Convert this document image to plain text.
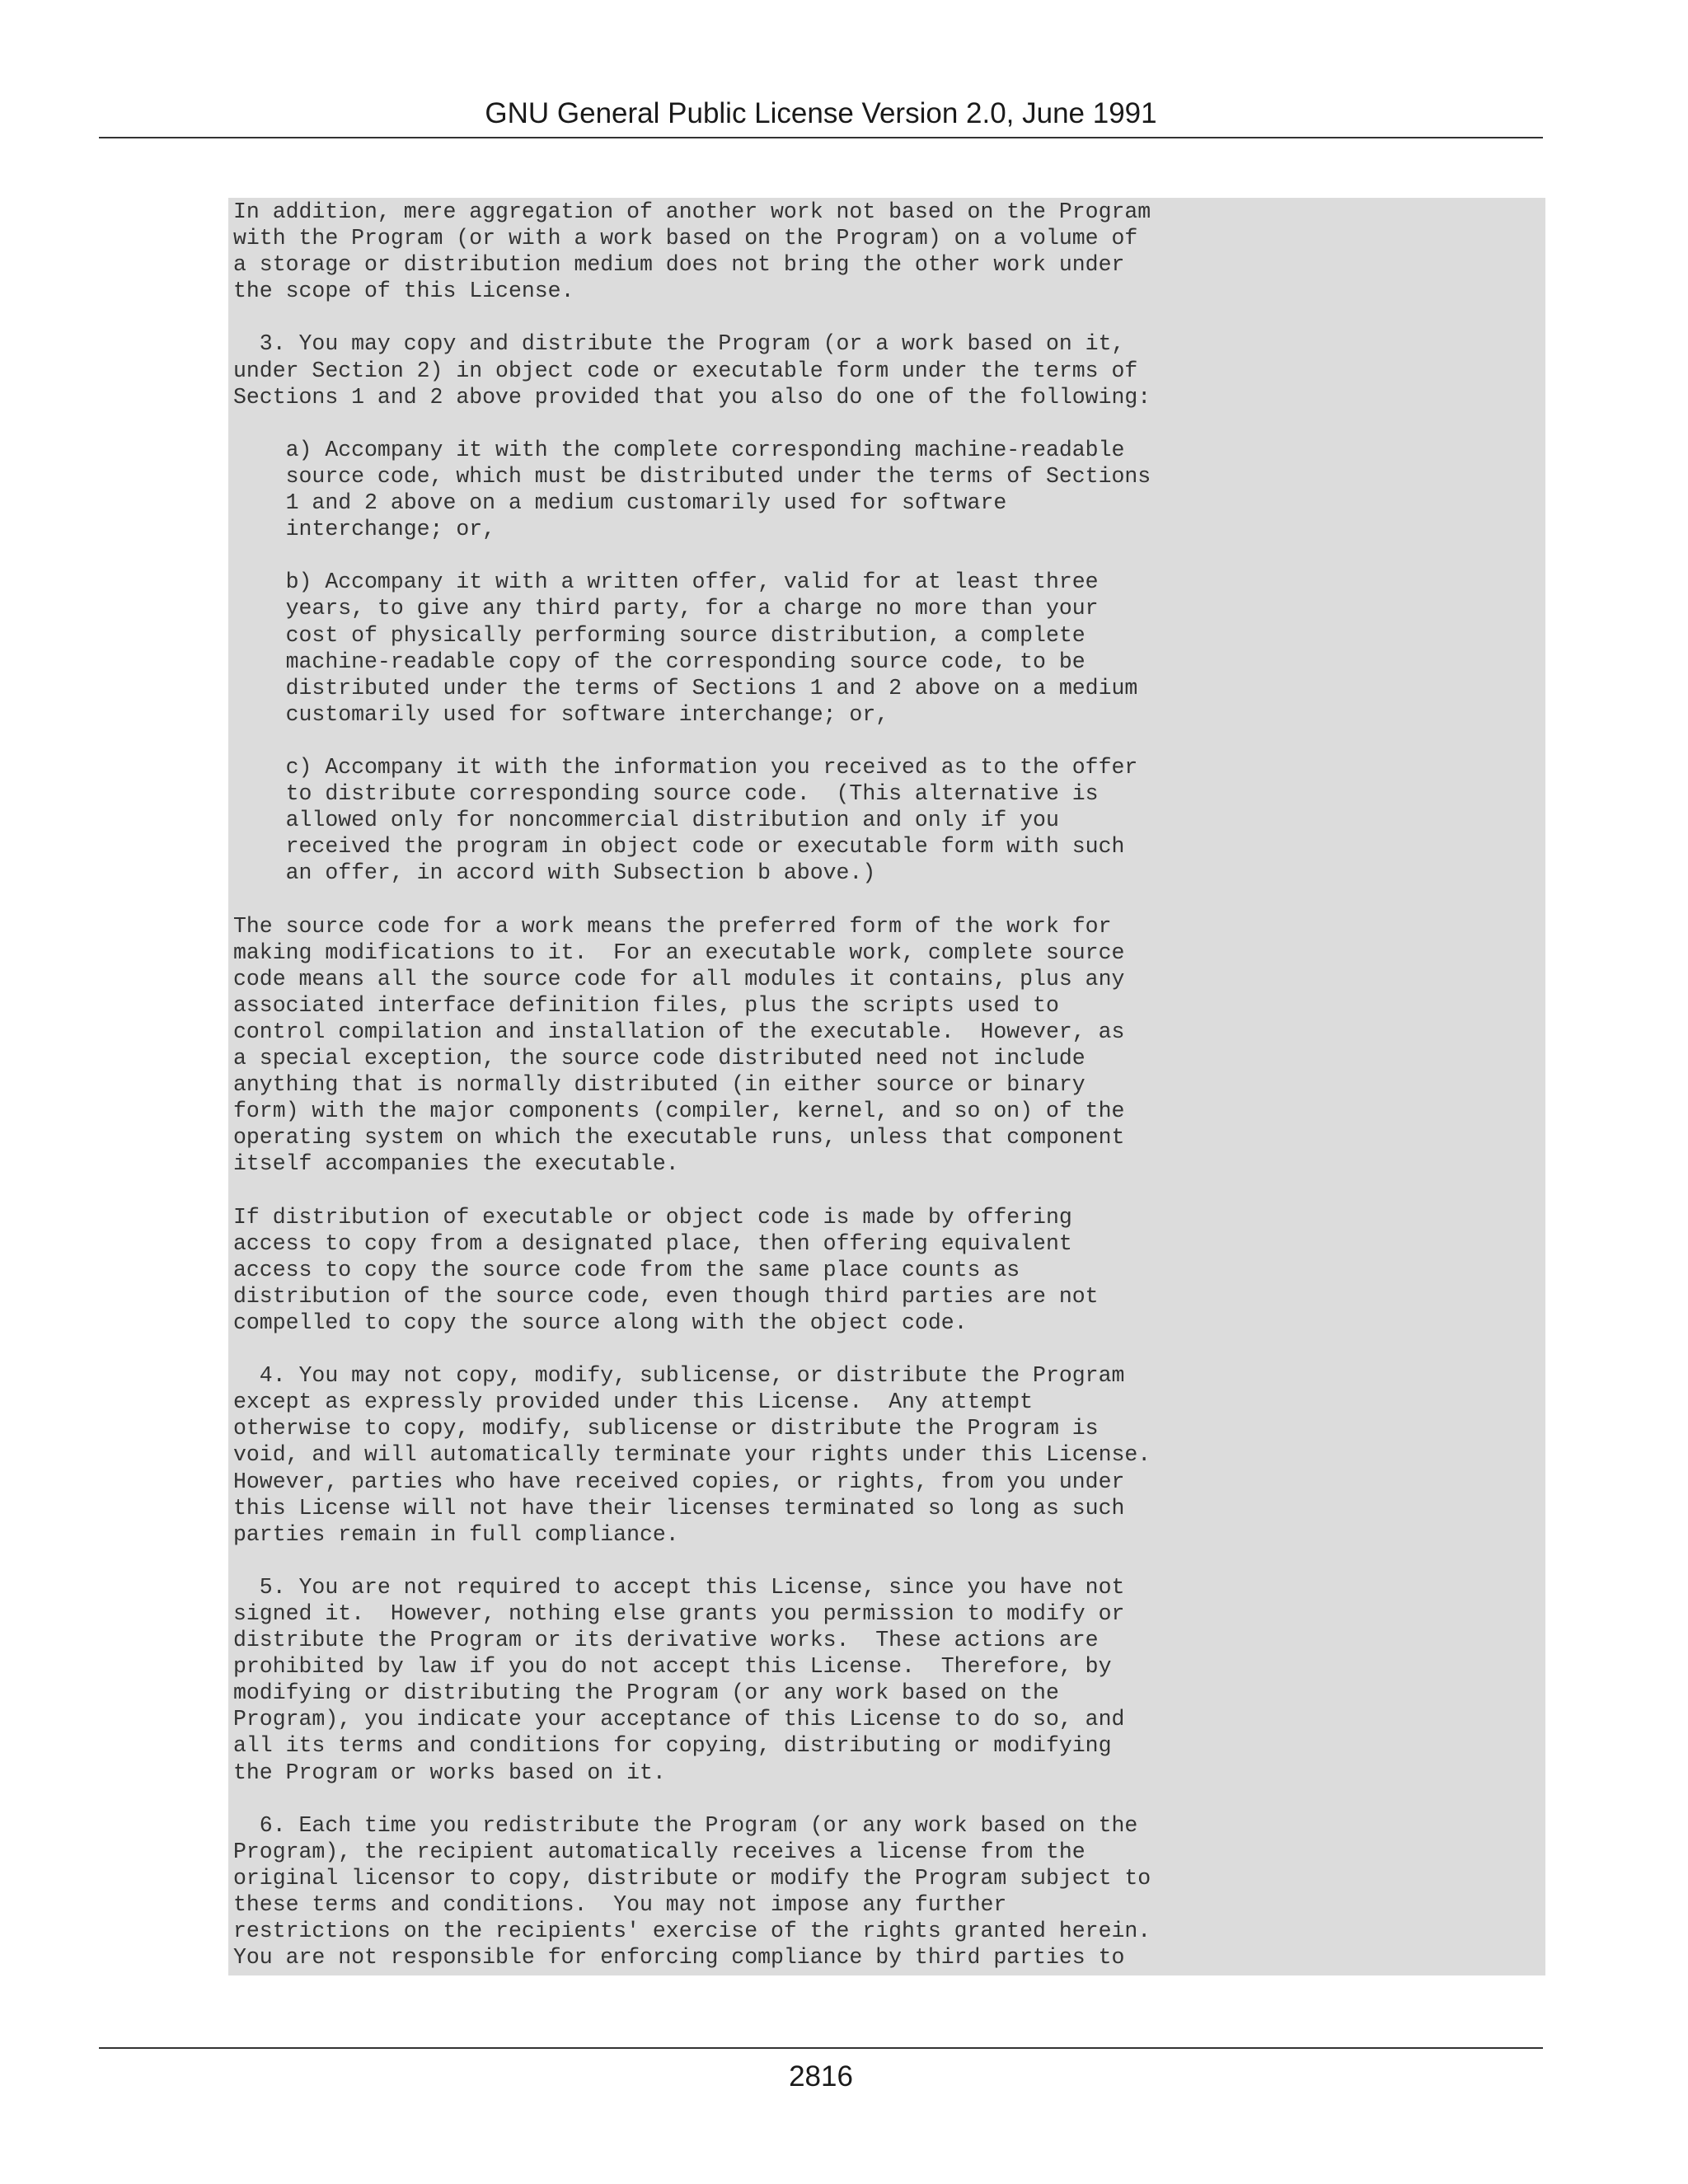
GNU General Public License Version 2.0, June 1991
In addition, mere aggregation of another work not based on the Program
with the Program (or with a work based on the Program) on a volume of
a storage or distribution medium does not bring the other work under
the scope of this License.
3. You may copy and distribute the Program (or a work based on it,
under Section 2) in object code or executable form under the terms of
Sections 1 and 2 above provided that you also do one of the following:
a) Accompany it with the complete corresponding machine-readable
source code, which must be distributed under the terms of Sections
1 and 2 above on a medium customarily used for software
interchange; or,
b) Accompany it with a written offer, valid for at least three
years, to give any third party, for a charge no more than your
cost of physically performing source distribution, a complete
machine-readable copy of the corresponding source code, to be
distributed under the terms of Sections 1 and 2 above on a medium
customarily used for software interchange; or,
c) Accompany it with the information you received as to the offer
to distribute corresponding source code.  (This alternative is
allowed only for noncommercial distribution and only if you
received the program in object code or executable form with such
an offer, in accord with Subsection b above.)
The source code for a work means the preferred form of the work for
making modifications to it.  For an executable work, complete source
code means all the source code for all modules it contains, plus any
associated interface definition files, plus the scripts used to
control compilation and installation of the executable.  However, as
a special exception, the source code distributed need not include
anything that is normally distributed (in either source or binary
form) with the major components (compiler, kernel, and so on) of the
operating system on which the executable runs, unless that component
itself accompanies the executable.
If distribution of executable or object code is made by offering
access to copy from a designated place, then offering equivalent
access to copy the source code from the same place counts as
distribution of the source code, even though third parties are not
compelled to copy the source along with the object code.
4. You may not copy, modify, sublicense, or distribute the Program
except as expressly provided under this License.  Any attempt
otherwise to copy, modify, sublicense or distribute the Program is
void, and will automatically terminate your rights under this License.
However, parties who have received copies, or rights, from you under
this License will not have their licenses terminated so long as such
parties remain in full compliance.
5. You are not required to accept this License, since you have not
signed it.  However, nothing else grants you permission to modify or
distribute the Program or its derivative works.  These actions are
prohibited by law if you do not accept this License.  Therefore, by
modifying or distributing the Program (or any work based on the
Program), you indicate your acceptance of this License to do so, and
all its terms and conditions for copying, distributing or modifying
the Program or works based on it.
6. Each time you redistribute the Program (or any work based on the
Program), the recipient automatically receives a license from the
original licensor to copy, distribute or modify the Program subject to
these terms and conditions.  You may not impose any further
restrictions on the recipients' exercise of the rights granted herein.
You are not responsible for enforcing compliance by third parties to
2816
